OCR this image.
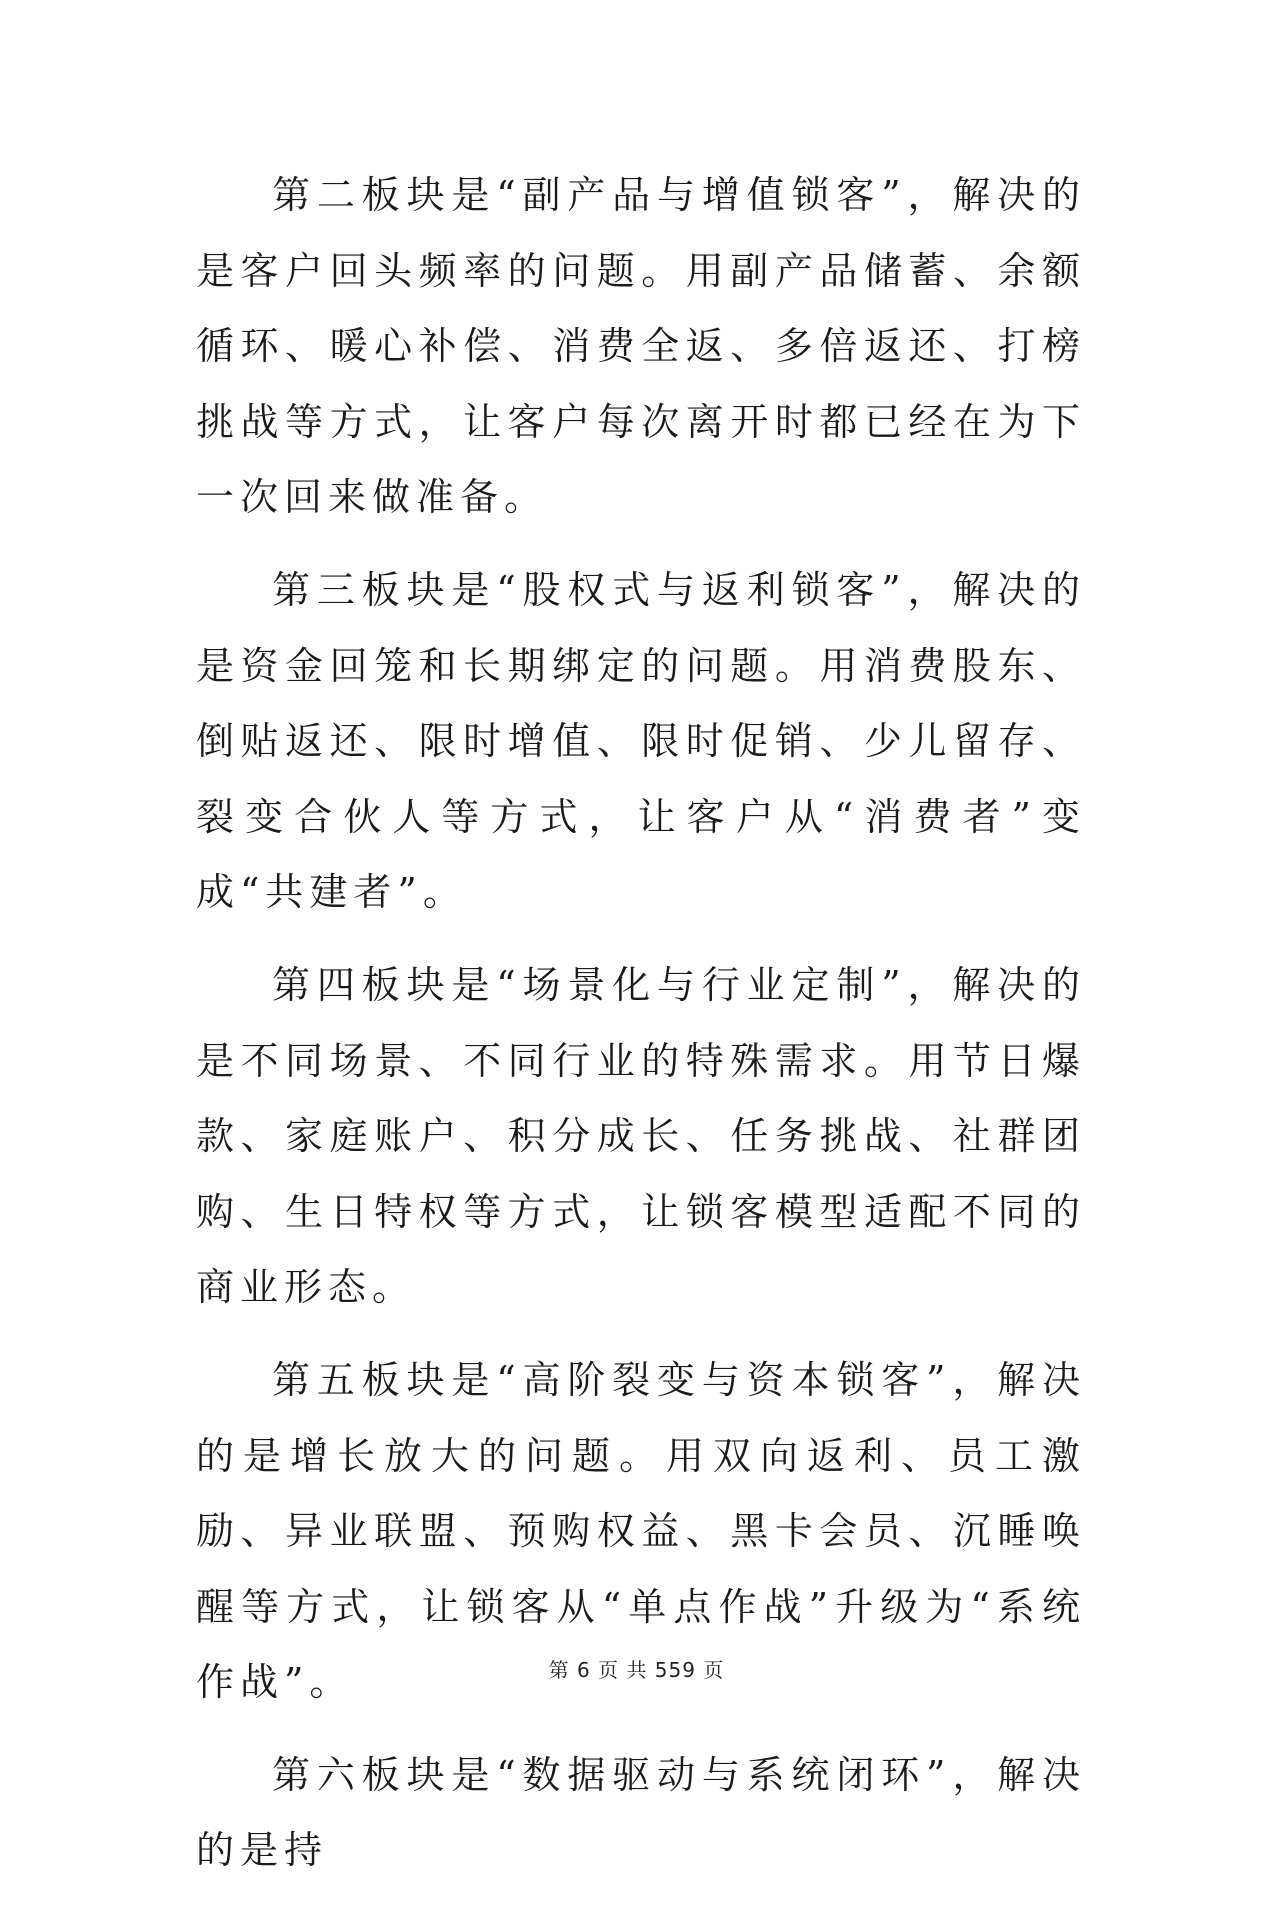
第二板块是“副产品与增值锁客”，解决的是客户回头频率的问题。用副产品储蓄、余额循环、暖心补偿、消费全返、多倍返还、打榜挑战等方式，让客户每次离开时都已经在为下一次回来做准备。

第三板块是“股权式与返利锁客”，解决的是资金回笼和长期绑定的问题。用消费股东、倒贴返还、限时增值、限时促销、少儿留存、裂变合伙人等方式，让客户从“消费者”变成“共建者”。

第四板块是“场景化与行业定制”，解决的是不同场景、不同行业的特殊需求。用节日爆款、家庭账户、积分成长、任务挑战、社群团购、生日特权等方式，让锁客模型适配不同的商业形态。

第五板块是“高阶裂变与资本锁客”，解决的是增长放大的问题。用双向返利、员工激励、异业联盟、预购权益、黑卡会员、沉睡唤醒等方式，让锁客从“单点作战”升级为“系统作战”。

第六板块是“数据驱动与系统闭环”，解决的是持

第 6 页 共 559 页
